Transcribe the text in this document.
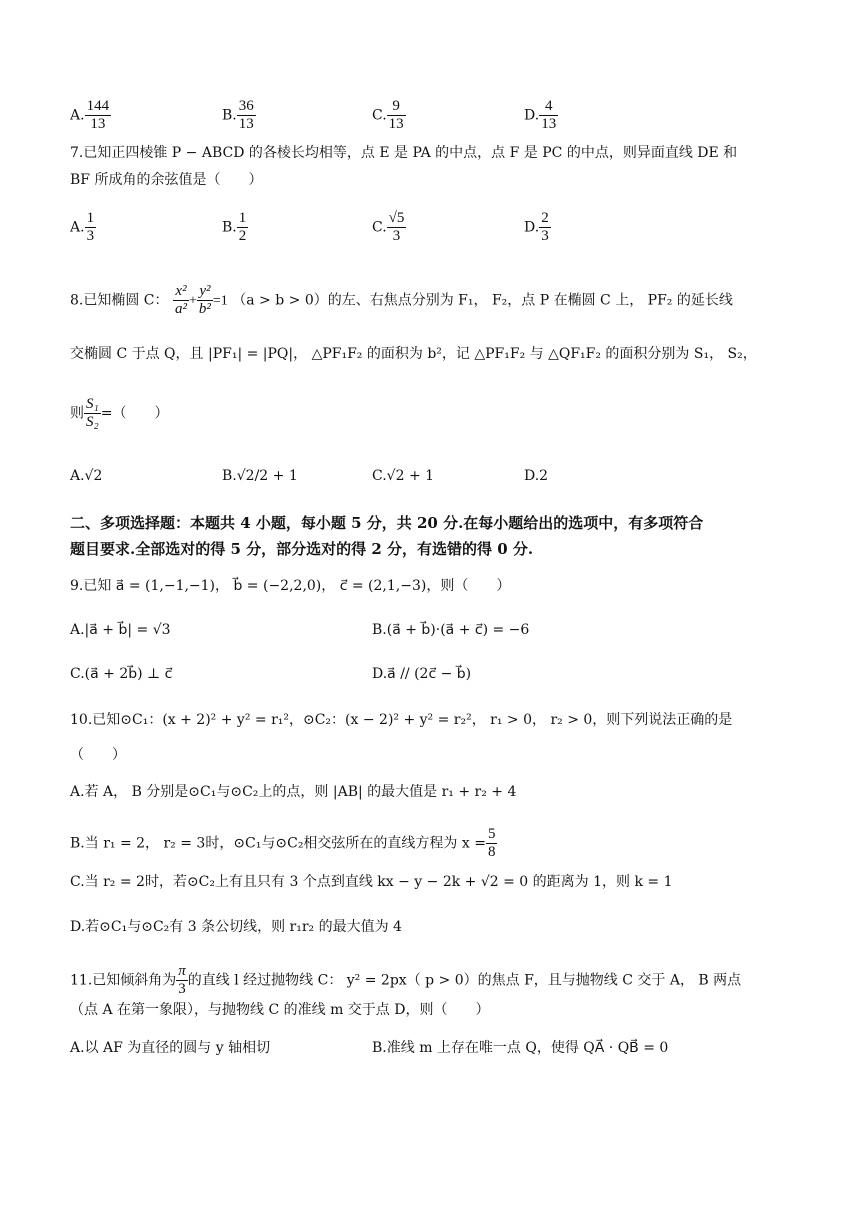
A. $\frac{144}{13}$	B. $\frac{36}{13}$	C. $\frac{9}{13}$	D. $\frac{4}{13}$
7.已知正四棱锥 P − ABCD 的各棱长均相等，点 E 是 PA 的中点，点 F 是 PC 的中点，则异面直线 DE 和
BF 所成角的余弦值是（　　）
A. $\frac{1}{3}$	B. $\frac{1}{2}$	C. $\frac{√5}{3}$	D. $\frac{2}{3}$
8.已知椭圆 C： $\frac{\text{x²}}{\text{a²}} + \frac{\text{y²}}{\text{b²}} =1$ （a > b > 0）的左、右焦点分别为 F₁， F₂，点 P 在椭圆 C 上， PF₂ 的延长线
交椭圆 C 于点 Q，且 |PF₁| = |PQ|， △PF₁F₂ 的面积为 b²，记 △PF₁F₂ 与 △QF₁F₂ 的面积分别为 S₁， S₂，
则 $\frac{\text{S₁}}{\text{S₂}}$ =（　　）
A.√2	B.√2/2 + 1	C.√2 + 1	D.2
二、多项选择题：本题共 4 小题，每小题 5 分，共 20 分.在每小题给出的选项中，有多项符合
题目要求.全部选对的得 5 分，部分选对的得 2 分，有选错的得 0 分.
9.已知 a⃗ = (1,−1,−1)， b⃗ = (−2,2,0)， c⃗ = (2,1,−3)，则（　　）
A.|a⃗ + b⃗| = √3	B.(a⃗ + b⃗)·(a⃗ + c⃗) = −6
C.(a⃗ + 2b⃗) ⊥ c⃗	D.a⃗ // (2c⃗ − b⃗)
10.已知⊙C₁：(x + 2)² + y² = r₁²，⊙C₂：(x − 2)² + y² = r₂²， r₁ > 0， r₂ > 0，则下列说法正确的是
（　　）
A.若 A， B 分别是⊙C₁与⊙C₂上的点，则 |AB| 的最大值是 r₁ + r₂ + 4
B.当 r₁ = 2， r₂ = 3时，⊙C₁与⊙C₂相交弦所在的直线方程为 $x = \frac{5}{8}$
C.当 r₂ = 2时，若⊙C₂上有且只有 3 个点到直线 kx − y − 2k + √2 = 0 的距离为 1，则 k = 1
D.若⊙C₁与⊙C₂有 3 条公切线，则 r₁r₂ 的最大值为 4
11.已知倾斜角为 $\frac{\pi}{3}$ 的直线 l 经过抛物线 C： y² = 2px（ p > 0）的焦点 F，且与抛物线 C 交于 A， B 两点
（点 A 在第一象限），与抛物线 C 的准线 m 交于点 D，则（　　）
A.以 AF 为直径的圆与 y 轴相切	B.准线 m 上存在唯一点 Q，使得 QA⃗ · QB⃗ = 0
